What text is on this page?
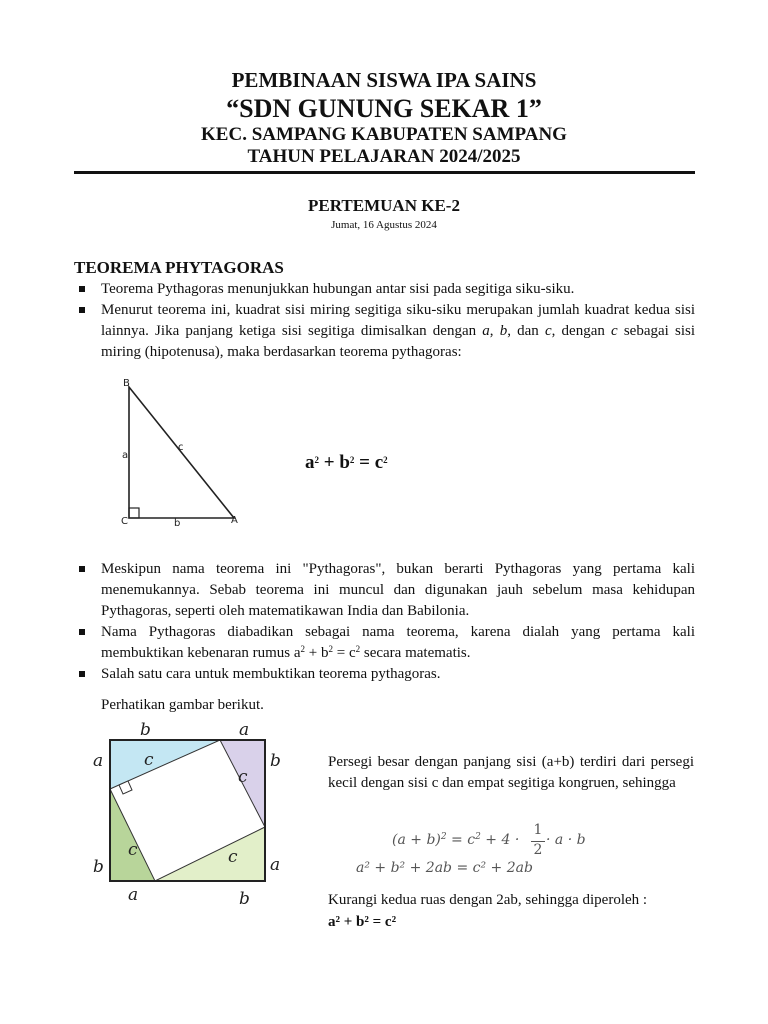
PEMBINAAN SISWA IPA SAINS
“SDN GUNUNG SEKAR 1”
KEC. SAMPANG KABUPATEN SAMPANG
TAHUN PELAJARAN 2024/2025
PERTEMUAN KE-2
Jumat, 16 Agustus 2024
TEOREMA PHYTAGORAS
Teorema Pythagoras menunjukkan hubungan antar sisi pada segitiga siku-siku.
Menurut teorema ini, kuadrat sisi miring segitiga siku-siku merupakan jumlah kuadrat kedua sisi lainnya. Jika panjang ketiga sisi segitiga dimisalkan dengan a, b, dan c, dengan c sebagai sisi miring (hipotenusa), maka berdasarkan teorema pythagoras:
B
C	A
a
b
c
$a^2 + b^2 = c^2$
Meskipun nama teorema ini "Pythagoras", bukan berarti Pythagoras yang pertama kali menemukannya. Sebab teorema ini muncul dan digunakan jauh sebelum masa kehidupan Pythagoras, seperti oleh matematikawan India dan Babilonia.
Nama Pythagoras diabadikan sebagai nama teorema, karena dialah yang pertama kali membuktikan kebenaran rumus $a^2 + b^2 = c^2$ secara matematis.
Salah satu cara untuk membuktikan teorema pythagoras.
Perhatikan gambar berikut.
b	a
a
b
b
a
a	b
c
c
c	c
Persegi besar dengan panjang sisi (a+b) terdiri dari persegi kecil dengan sisi c dan empat segitiga kongruen, sehingga
$(a + b)^2 = c^2 + 4$ ·
1
2
· a · b
a² + b² + 2ab = c² + 2ab
Kurangi kedua ruas dengan 2ab, sehingga diperoleh :
a² + b² = c²
